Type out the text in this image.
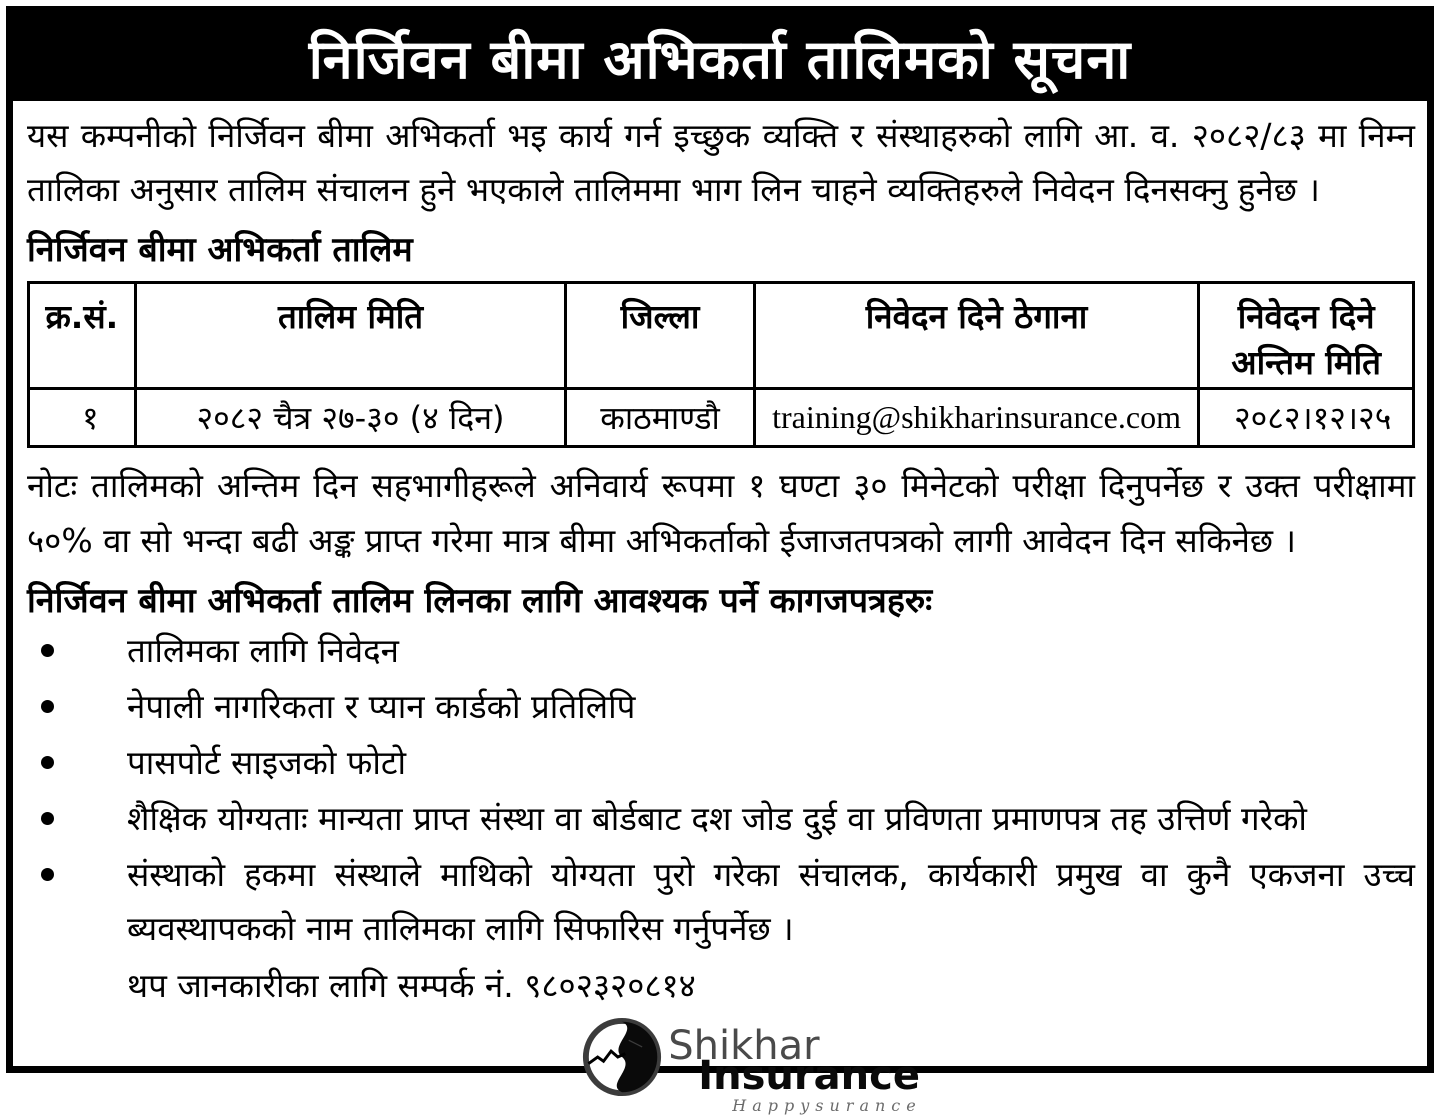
निर्जिवन बीमा अभिकर्ता तालिमको सूचना

यस कम्पनीको निर्जिवन बीमा अभिकर्ता भइ कार्य गर्न इच्छुक व्यक्ति र संस्थाहरुको लागि आ. व. २०८२/८३ मा निम्न तालिका अनुसार तालिम संचालन हुने भएकाले तालिममा भाग लिन चाहने व्यक्तिहरुले निवेदन दिनसक्नु हुनेछ ।

निर्जिवन बीमा अभिकर्ता तालिम
क्र.सं.	तालिम मिति	जिल्ला	निवेदन दिने ठेगाना	निवेदन दिने अन्तिम मिति
१	२०८२ चैत्र २७-३० (४ दिन)	काठमाण्डौ	training@shikharinsurance.com	२०८२।१२।२५

नोटः तालिमको अन्तिम दिन सहभागीहरूले अनिवार्य रूपमा १ घण्टा ३० मिनेटको परीक्षा दिनुपर्नेछ र उक्त परीक्षामा ५०% वा सो भन्दा बढी अङ्क प्राप्त गरेमा मात्र बीमा अभिकर्ताको ईजाजतपत्रको लागी आवेदन दिन सकिनेछ ।

निर्जिवन बीमा अभिकर्ता तालिम लिनका लागि आवश्यक पर्ने कागजपत्रहरुः
तालिमका लागि निवेदन
नेपाली नागरिकता र प्यान कार्डको प्रतिलिपि
पासपोर्ट साइजको फोटो
शैक्षिक योग्यताः मान्यता प्राप्त संस्था वा बोर्डबाट दश जोड दुई वा प्रविणता प्रमाणपत्र तह उत्तिर्ण गरेको
संस्थाको हकमा संस्थाले माथिको योग्यता पुरो गरेका संचालक, कार्यकारी प्रमुख वा कुनै एकजना उच्च ब्यवस्थापकको नाम तालिमका लागि सिफारिस गर्नुपर्नेछ ।

थप जानकारीका लागि सम्पर्क नं. ९८०२३२०८१४

Shikhar
Insurance
Happysurance
